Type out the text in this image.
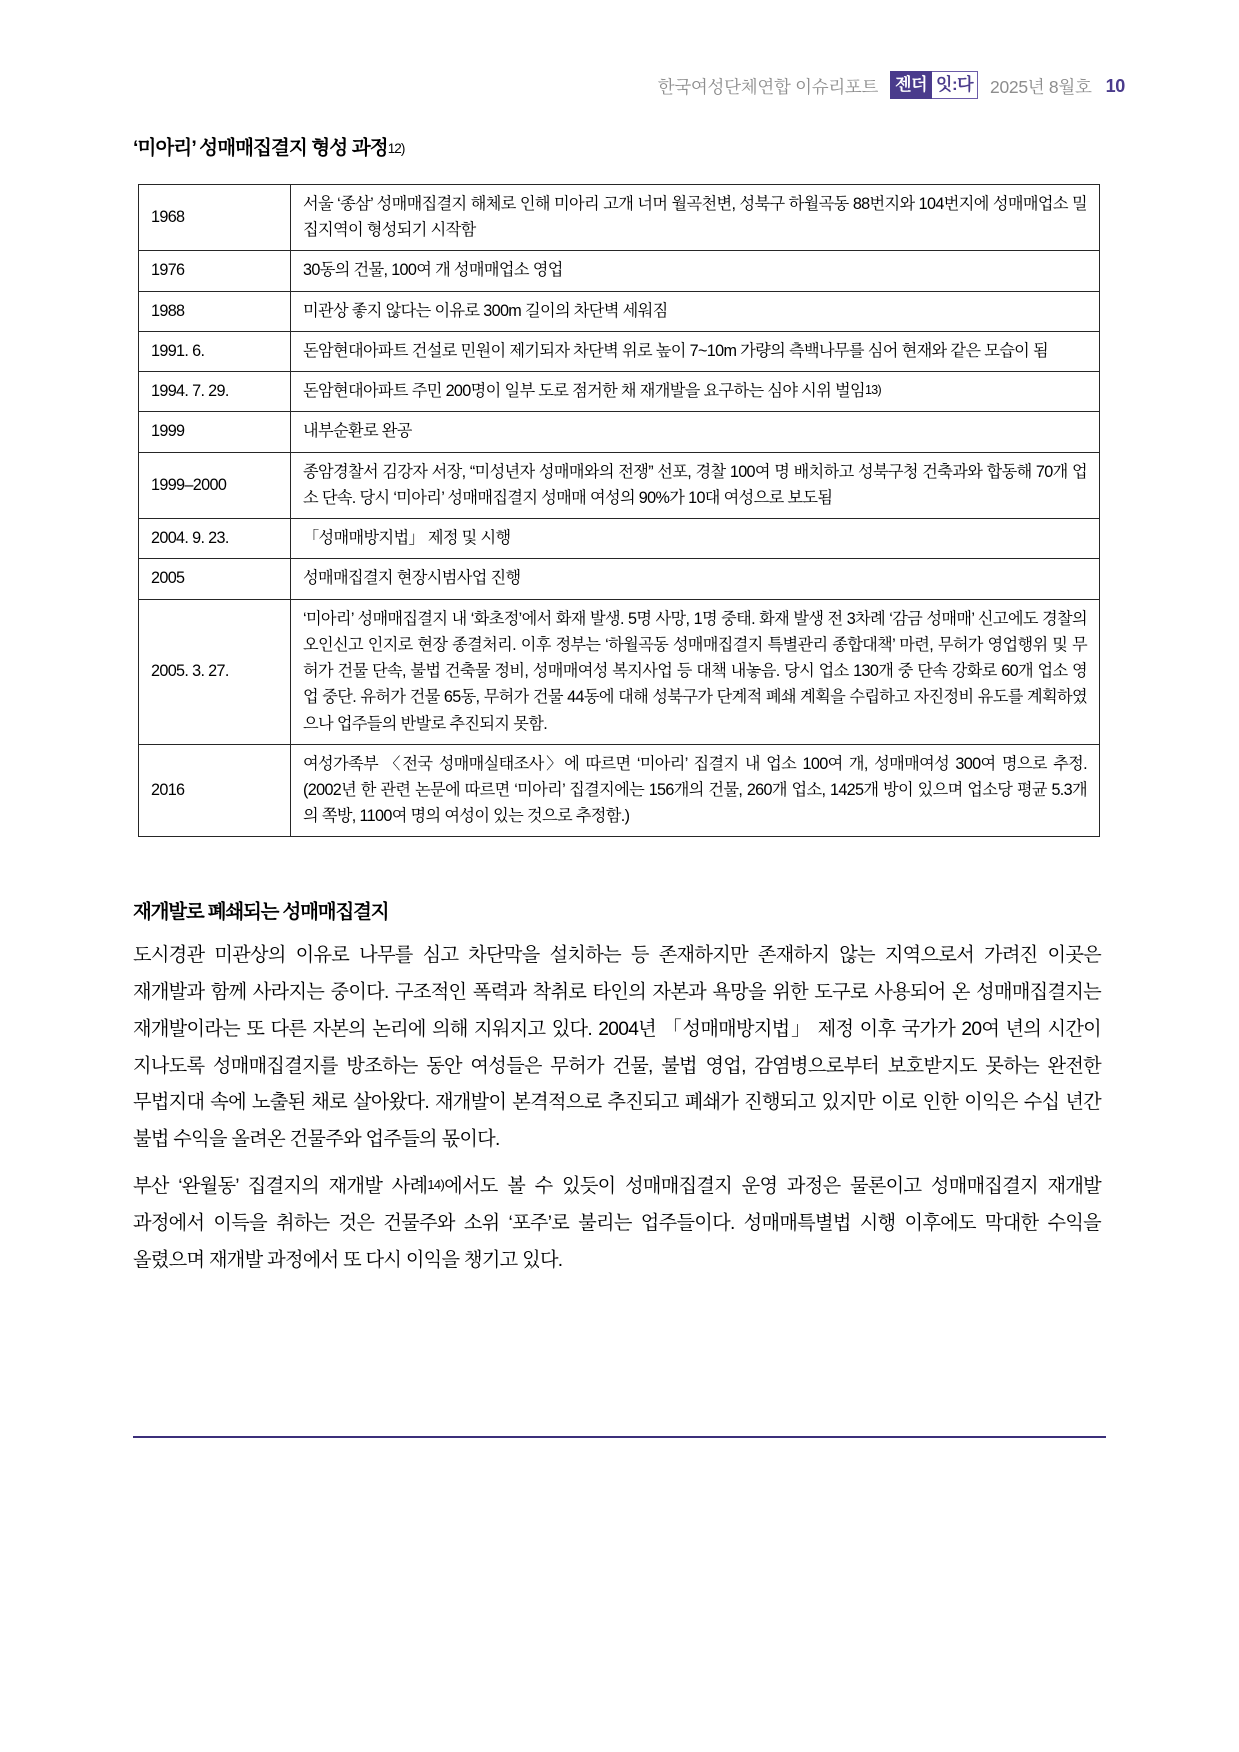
한국여성단체연합 이슈리포트 젠더 잇:다 2025년 8월호 10
‘미아리’ 성매매집결지 형성 과정12)
1968	서울 ‘종삼’ 성매매집결지 해체로 인해 미아리 고개 너머 월곡천변, 성북구 하월곡동 88번지와 104번지에 성매매업소 밀집지역이 형성되기 시작함
1976	30동의 건물, 100여 개 성매매업소 영업
1988	미관상 좋지 않다는 이유로 300m 길이의 차단벽 세워짐
1991. 6.	돈암현대아파트 건설로 민원이 제기되자 차단벽 위로 높이 7~10m 가량의 측백나무를 심어 현재와 같은 모습이 됨
1994. 7. 29.	돈암현대아파트 주민 200명이 일부 도로 점거한 채 재개발을 요구하는 심야 시위 벌임13)
1999	내부순환로 완공
1999–2000	종암경찰서 김강자 서장, “미성년자 성매매와의 전쟁” 선포, 경찰 100여 명 배치하고 성북구청 건축과와 합동해 70개 업소 단속. 당시 ‘미아리’ 성매매집결지 성매매 여성의 90%가 10대 여성으로 보도됨
2004. 9. 23.	「성매매방지법」 제정 및 시행
2005	성매매집결지 현장시범사업 진행
2005. 3. 27.	‘미아리’ 성매매집결지 내 ‘화초정’에서 화재 발생. 5명 사망, 1명 중태. 화재 발생 전 3차례 ‘감금 성매매’ 신고에도 경찰의 오인신고 인지로 현장 종결처리. 이후 정부는 ‘하월곡동 성매매집결지 특별관리 종합대책’ 마련, 무허가 영업행위 및 무허가 건물 단속, 불법 건축물 정비, 성매매여성 복지사업 등 대책 내놓음. 당시 업소 130개 중 단속 강화로 60개 업소 영업 중단. 유허가 건물 65동, 무허가 건물 44동에 대해 성북구가 단계적 폐쇄 계획을 수립하고 자진정비 유도를 계획하였으나 업주들의 반발로 추진되지 못함.
2016	여성가족부 〈전국 성매매실태조사〉에 따르면 ‘미아리’ 집결지 내 업소 100여 개, 성매매여성 300여 명으로 추정. (2002년 한 관련 논문에 따르면 ‘미아리’ 집결지에는 156개의 건물, 260개 업소, 1425개 방이 있으며 업소당 평균 5.3개의 쪽방, 1100여 명의 여성이 있는 것으로 추정함.)
재개발로 폐쇄되는 성매매집결지

도시경관 미관상의 이유로 나무를 심고 차단막을 설치하는 등 존재하지만 존재하지 않는 지역으로서 가려진 이곳은 재개발과 함께 사라지는 중이다. 구조적인 폭력과 착취로 타인의 자본과 욕망을 위한 도구로 사용되어 온 성매매집결지는 재개발이라는 또 다른 자본의 논리에 의해 지워지고 있다. 2004년 「성매매방지법」 제정 이후 국가가 20여 년의 시간이 지나도록 성매매집결지를 방조하는 동안 여성들은 무허가 건물, 불법 영업, 감염병으로부터 보호받지도 못하는 완전한 무법지대 속에 노출된 채로 살아왔다. 재개발이 본격적으로 추진되고 폐쇄가 진행되고 있지만 이로 인한 이익은 수십 년간 불법 수익을 올려온 건물주와 업주들의 몫이다.

부산 ‘완월동’ 집결지의 재개발 사례14)에서도 볼 수 있듯이 성매매집결지 운영 과정은 물론이고 성매매집결지 재개발 과정에서 이득을 취하는 것은 건물주와 소위 ‘포주’로 불리는 업주들이다. 성매매특별법 시행 이후에도 막대한 수익을 올렸으며 재개발 과정에서 또 다시 이익을 챙기고 있다.
